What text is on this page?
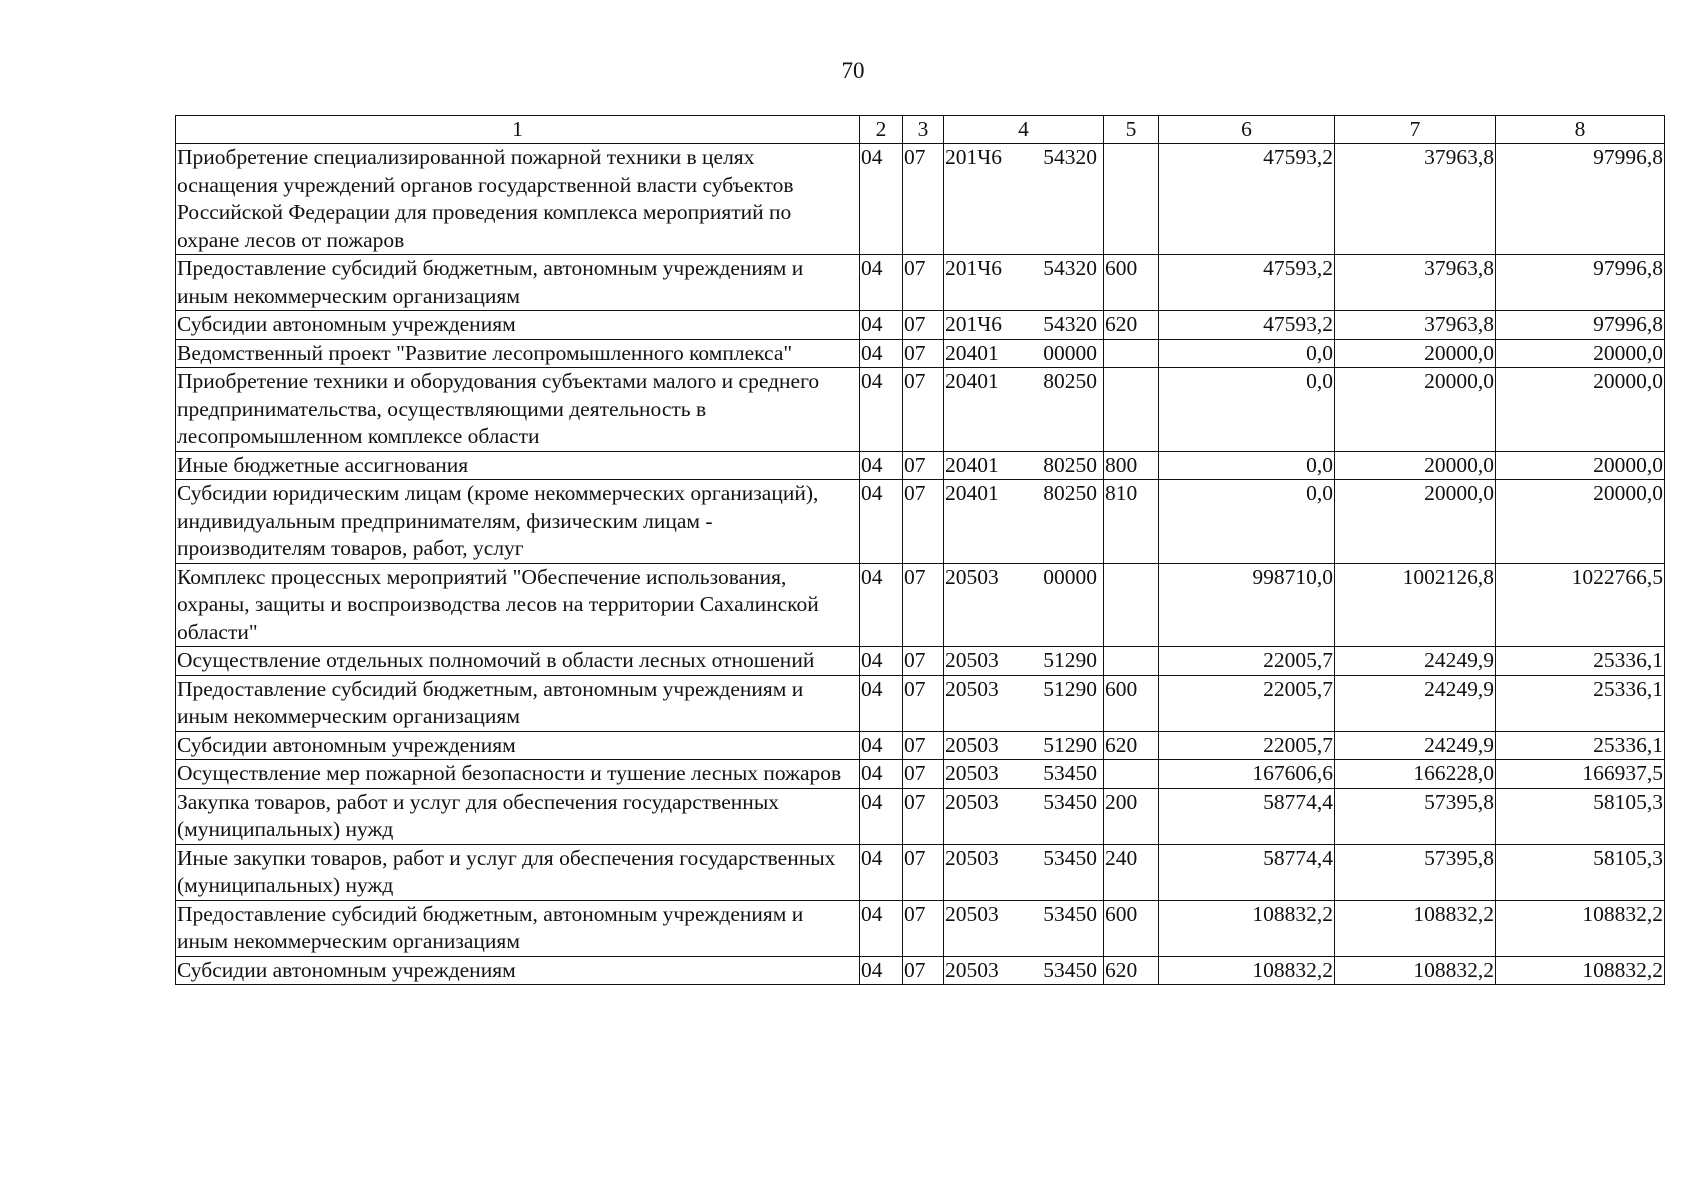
70
1	2	3	4	5	6	7	8
Приобретение специализированной пожарной техники в целях оснащения учреждений органов государственной власти субъектов Российской Федерации для проведения комплекса мероприятий по охране лесов от пожаров	04	07	201Ч6 54320		47593,2	37963,8	97996,8
Предоставление субсидий бюджетным, автономным учреждениям и иным некоммерческим организациям	04	07	201Ч6 54320	600	47593,2	37963,8	97996,8
Субсидии автономным учреждениям	04	07	201Ч6 54320	620	47593,2	37963,8	97996,8
Ведомственный проект "Развитие лесопромышленного комплекса"	04	07	20401 00000		0,0	20000,0	20000,0
Приобретение техники и оборудования субъектами малого и среднего предпринимательства, осуществляющими деятельность в лесопромышленном комплексе области	04	07	20401 80250		0,0	20000,0	20000,0
Иные бюджетные ассигнования	04	07	20401 80250	800	0,0	20000,0	20000,0
Субсидии юридическим лицам (кроме некоммерческих организаций), индивидуальным предпринимателям, физическим лицам - производителям товаров, работ, услуг	04	07	20401 80250	810	0,0	20000,0	20000,0
Комплекс процессных мероприятий "Обеспечение использования, охраны, защиты и воспроизводства лесов на территории Сахалинской области"	04	07	20503 00000		998710,0	1002126,8	1022766,5
Осуществление отдельных полномочий в области лесных отношений	04	07	20503 51290		22005,7	24249,9	25336,1
Предоставление субсидий бюджетным, автономным учреждениям и иным некоммерческим организациям	04	07	20503 51290	600	22005,7	24249,9	25336,1
Субсидии автономным учреждениям	04	07	20503 51290	620	22005,7	24249,9	25336,1
Осуществление мер пожарной безопасности и тушение лесных пожаров	04	07	20503 53450		167606,6	166228,0	166937,5
Закупка товаров, работ и услуг для обеспечения государственных (муниципальных) нужд	04	07	20503 53450	200	58774,4	57395,8	58105,3
Иные закупки товаров, работ и услуг для обеспечения государственных (муниципальных) нужд	04	07	20503 53450	240	58774,4	57395,8	58105,3
Предоставление субсидий бюджетным, автономным учреждениям и иным некоммерческим организациям	04	07	20503 53450	600	108832,2	108832,2	108832,2
Субсидии автономным учреждениям	04	07	20503 53450	620	108832,2	108832,2	108832,2
